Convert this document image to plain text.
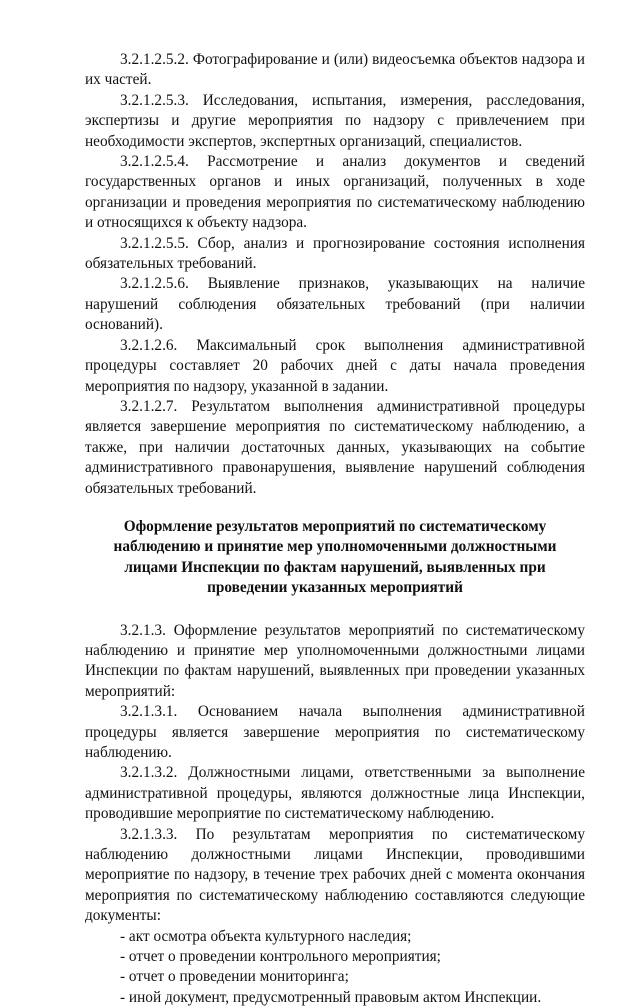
3.2.1.2.5.2. Фотографирование и (или) видеосъемка объектов надзора и их частей.

3.2.1.2.5.3. Исследования, испытания, измерения, расследования, экспертизы и другие мероприятия по надзору с привлечением при необходимости экспертов, экспертных организаций, специалистов.

3.2.1.2.5.4. Рассмотрение и анализ документов и сведений государственных органов и иных организаций, полученных в ходе организации и проведения мероприятия по систематическому наблюдению и относящихся к объекту надзора.

3.2.1.2.5.5. Сбор, анализ и прогнозирование состояния исполнения обязательных требований.

3.2.1.2.5.6. Выявление признаков, указывающих на наличие нарушений соблюдения обязательных требований (при наличии оснований).

3.2.1.2.6. Максимальный срок выполнения административной процедуры составляет 20 рабочих дней с даты начала проведения мероприятия по надзору, указанной в задании.

3.2.1.2.7. Результатом выполнения административной процедуры является завершение мероприятия по систематическому наблюдению, а также, при наличии достаточных данных, указывающих на событие административного правонарушения, выявление нарушений соблюдения обязательных требований.

Оформление результатов мероприятий по систематическому наблюдению и принятие мер уполномоченными должностными лицами Инспекции по фактам нарушений, выявленных при проведении указанных мероприятий

3.2.1.3. Оформление результатов мероприятий по систематическому наблюдению и принятие мер уполномоченными должностными лицами Инспекции по фактам нарушений, выявленных при проведении указанных мероприятий:

3.2.1.3.1. Основанием начала выполнения административной процедуры является завершение мероприятия по систематическому наблюдению.

3.2.1.3.2. Должностными лицами, ответственными за выполнение административной процедуры, являются должностные лица Инспекции, проводившие мероприятие по систематическому наблюдению.

3.2.1.3.3. По результатам мероприятия по систематическому наблюдению должностными лицами Инспекции, проводившими мероприятие по надзору, в течение трех рабочих дней с момента окончания мероприятия по систематическому наблюдению составляются следующие документы:

- акт осмотра объекта культурного наследия;

- отчет о проведении контрольного мероприятия;

- отчет о проведении мониторинга;

- иной документ, предусмотренный правовым актом Инспекции.
